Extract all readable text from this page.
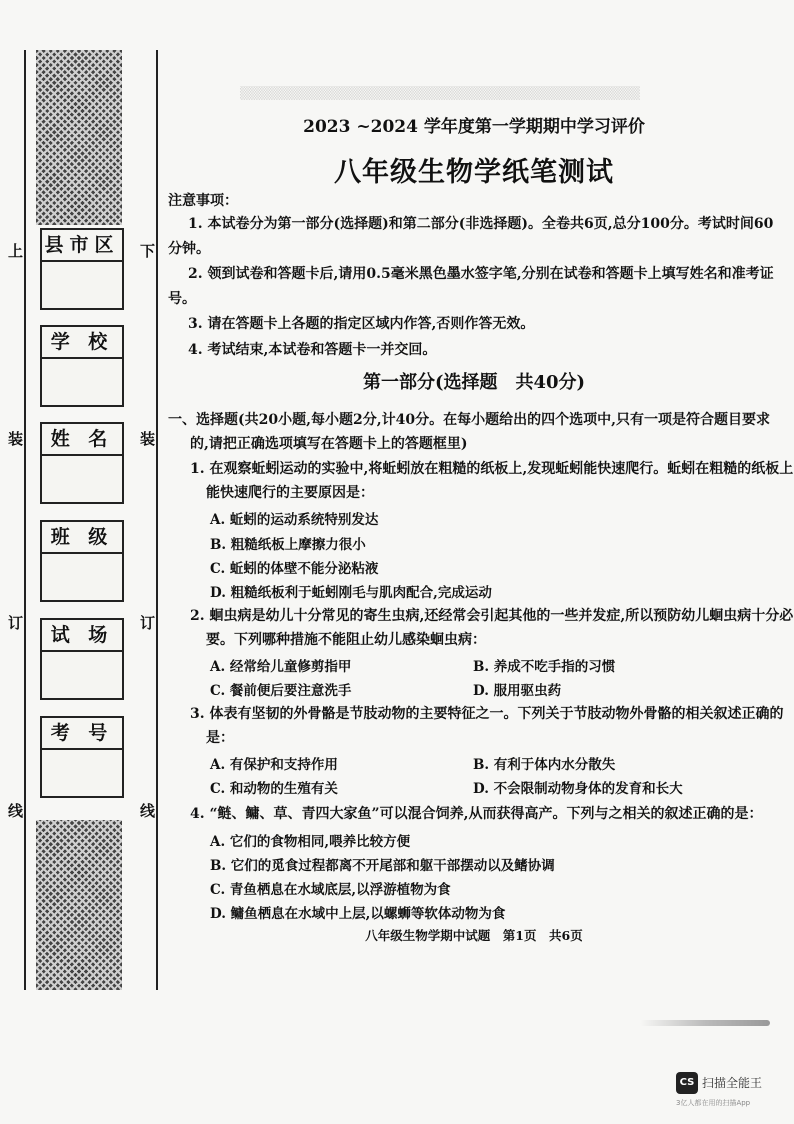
县市区
学 校
姓 名
班 级
试 场
考 号
上
装
订
线
下
装
订
线
▒▒▒▒▒▒▒▒▒▒▒▒▒▒▒▒▒▒▒▒▒▒▒▒▒▒▒▒▒▒▒▒▒▒▒▒▒▒▒▒
2023 ~2024 学年度第一学期期中学习评价
八年级生物学纸笔测试
注意事项：
1. 本试卷分为第一部分(选择题)和第二部分(非选择题)。全卷共6页,总分100分。考试时间60分钟。
2. 领到试卷和答题卡后,请用0.5毫米黑色墨水签字笔,分别在试卷和答题卡上填写姓名和准考证号。
3. 请在答题卡上各题的指定区域内作答,否则作答无效。
4. 考试结束,本试卷和答题卡一并交回。
第一部分(选择题　共40分)
一、选择题(共20小题,每小题2分,计40分。在每小题给出的四个选项中,只有一项是符合题目要求的,请把正确选项填写在答题卡上的答题框里)
1. 在观察蚯蚓运动的实验中,将蚯蚓放在粗糙的纸板上,发现蚯蚓能快速爬行。蚯蚓在粗糙的纸板上能快速爬行的主要原因是：
A. 蚯蚓的运动系统特别发达
B. 粗糙纸板上摩擦力很小
C. 蚯蚓的体壁不能分泌粘液
D. 粗糙纸板利于蚯蚓刚毛与肌肉配合,完成运动
2. 蛔虫病是幼儿十分常见的寄生虫病,还经常会引起其他的一些并发症,所以预防幼儿蛔虫病十分必要。下列哪种措施不能阻止幼儿感染蛔虫病：
A. 经常给儿童修剪指甲	B. 养成不吃手指的习惯
C. 餐前便后要注意洗手	D. 服用驱虫药
3. 体表有坚韧的外骨骼是节肢动物的主要特征之一。下列关于节肢动物外骨骼的相关叙述正确的是：
A. 有保护和支持作用	B. 有利于体内水分散失
C. 和动物的生殖有关	D. 不会限制动物身体的发育和长大
4. “鲢、鳙、草、青四大家鱼”可以混合饲养,从而获得高产。下列与之相关的叙述正确的是：
A. 它们的食物相同,喂养比较方便
B. 它们的觅食过程都离不开尾部和躯干部摆动以及鳍协调
C. 青鱼栖息在水域底层,以浮游植物为食
D. 鳙鱼栖息在水域中上层,以螺蛳等软体动物为食
八年级生物学期中试题　第1页　共6页
CS 扫描全能王
3亿人都在用的扫描App
